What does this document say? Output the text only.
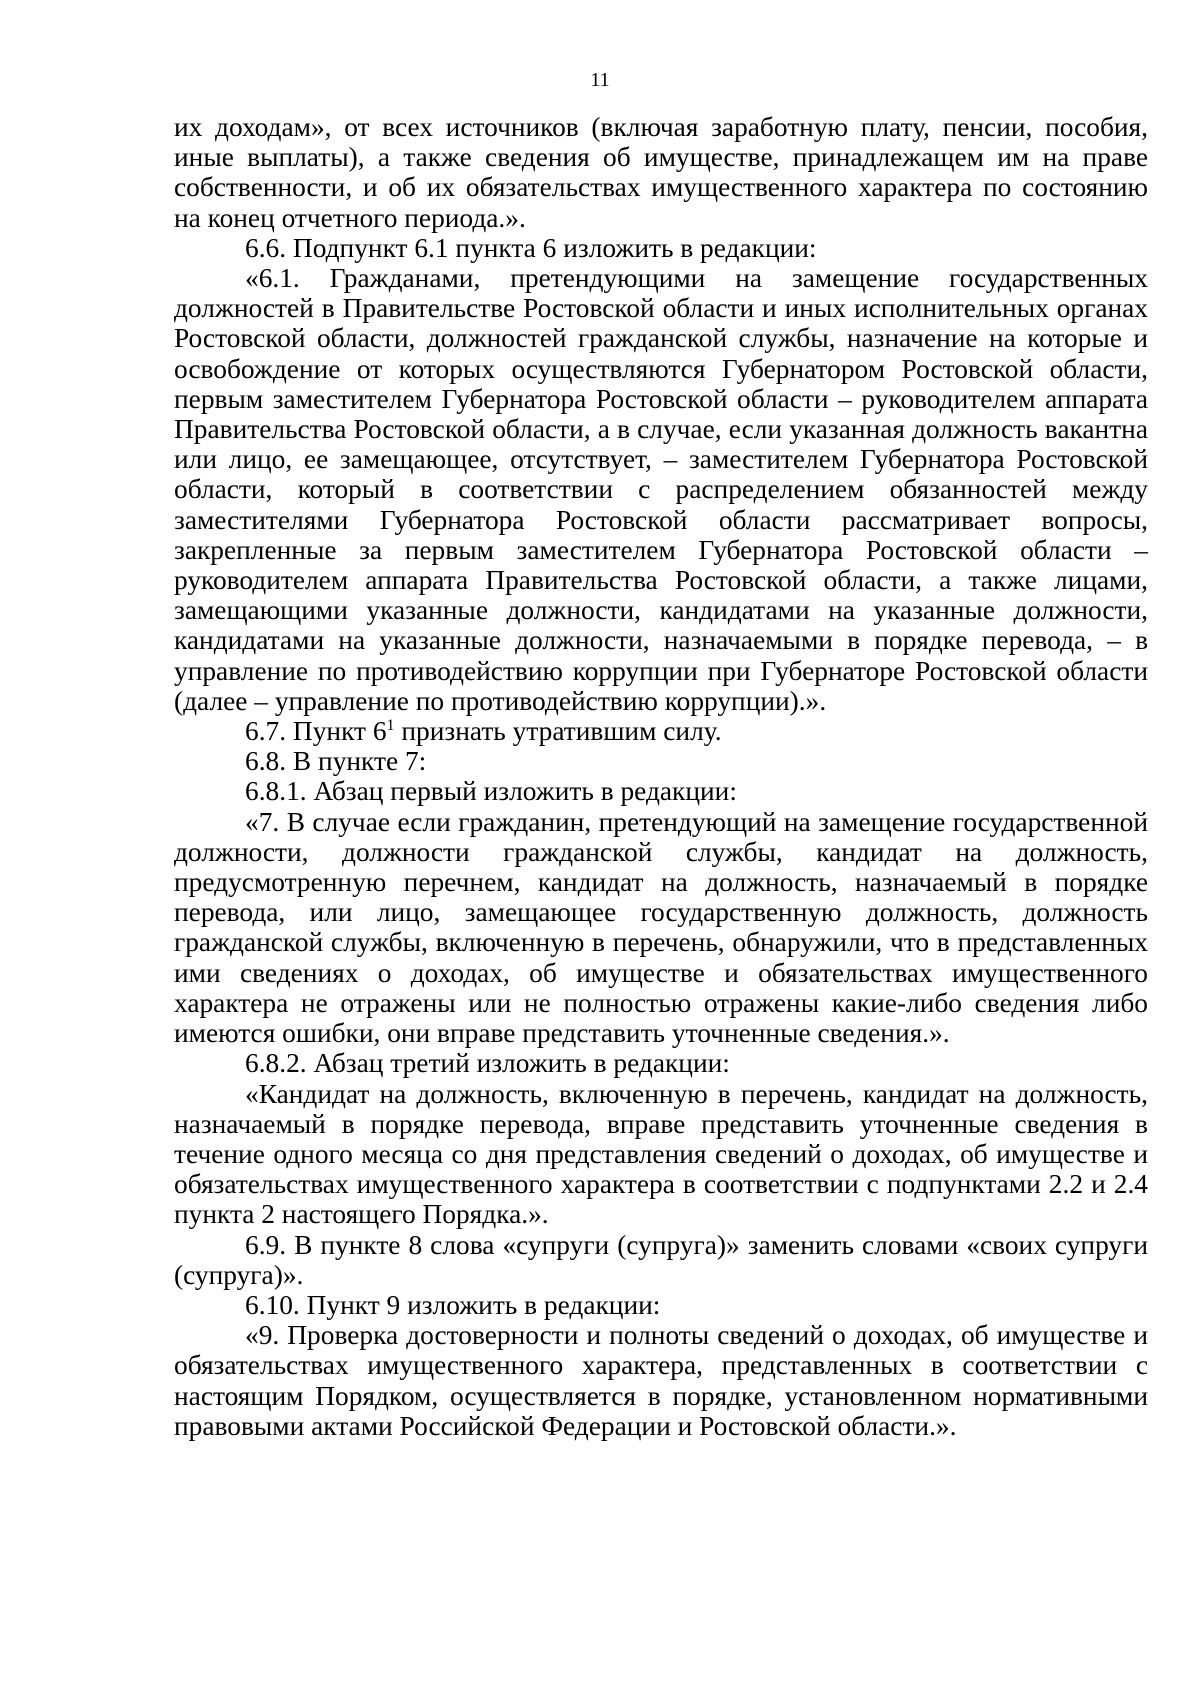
11

их доходам», от всех источников (включая заработную плату, пенсии, пособия, иные выплаты), а также сведения об имуществе, принадлежащем им на праве собственности, и об их обязательствах имущественного характера по состоянию на конец отчетного периода.».

6.6. Подпункт 6.1 пункта 6 изложить в редакции:

«6.1. Гражданами, претендующими на замещение государственных должностей в Правительстве Ростовской области и иных исполнительных органах Ростовской области, должностей гражданской службы, назначение на которые и освобождение от которых осуществляются Губернатором Ростовской области, первым заместителем Губернатора Ростовской области – руководителем аппарата Правительства Ростовской области, а в случае, если указанная должность вакантна или лицо, ее замещающее, отсутствует, – заместителем Губернатора Ростовской области, который в соответствии с распределением обязанностей между заместителями Губернатора Ростовской области рассматривает вопросы, закрепленные за первым заместителем Губернатора Ростовской области – руководителем аппарата Правительства Ростовской области, а также лицами, замещающими указанные должности, кандидатами на указанные должности, кандидатами на указанные должности, назначаемыми в порядке перевода, – в управление по противодействию коррупции при Губернаторе Ростовской области (далее – управление по противодействию коррупции).».

6.7. Пункт $6^1$ признать утратившим силу.

6.8. В пункте 7:

6.8.1. Абзац первый изложить в редакции:

«7. В случае если гражданин, претендующий на замещение государственной должности, должности гражданской службы, кандидат на должность, предусмотренную перечнем, кандидат на должность, назначаемый в порядке перевода, или лицо, замещающее государственную должность, должность гражданской службы, включенную в перечень, обнаружили, что в представленных ими сведениях о доходах, об имуществе и обязательствах имущественного характера не отражены или не полностью отражены какие-либо сведения либо имеются ошибки, они вправе представить уточненные сведения.».

6.8.2. Абзац третий изложить в редакции:

«Кандидат на должность, включенную в перечень, кандидат на должность, назначаемый в порядке перевода, вправе представить уточненные сведения в течение одного месяца со дня представления сведений о доходах, об имуществе и обязательствах имущественного характера в соответствии с подпунктами 2.2 и 2.4 пункта 2 настоящего Порядка.».

6.9. В пункте 8 слова «супруги (супруга)» заменить словами «своих супруги (супруга)».

6.10. Пункт 9 изложить в редакции:

«9. Проверка достоверности и полноты сведений о доходах, об имуществе и обязательствах имущественного характера, представленных в соответствии с настоящим Порядком, осуществляется в порядке, установленном нормативными правовыми актами Российской Федерации и Ростовской области.».
